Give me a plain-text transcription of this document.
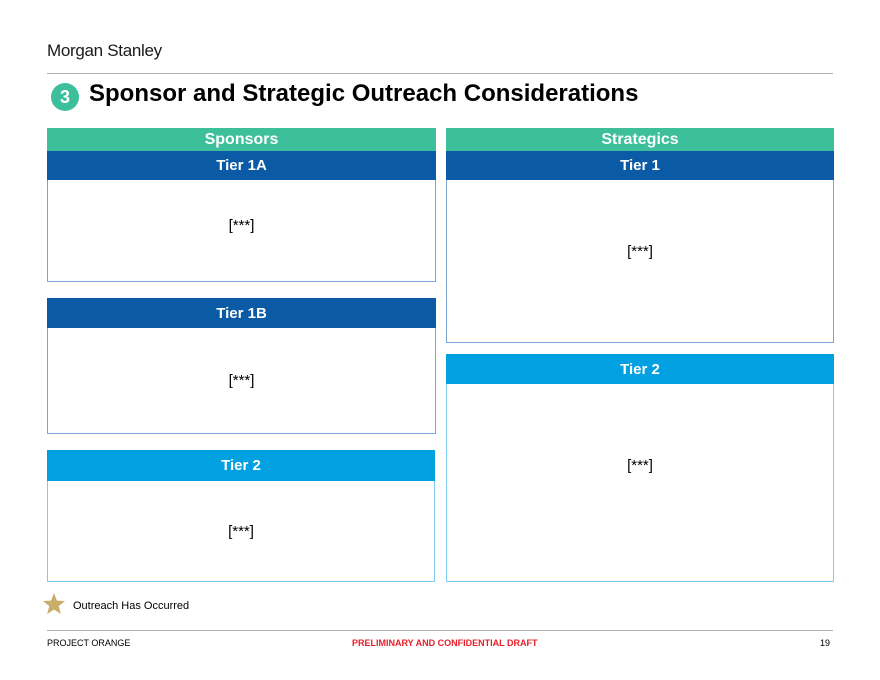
Morgan Stanley
3 Sponsor and Strategic Outreach Considerations
Sponsors
Tier 1A
[***]
Tier 1B
[***]
Tier 2
[***]
Strategics
Tier 1
[***]
Tier 2
[***]
Outreach Has Occurred
PROJECT ORANGE	PRELIMINARY AND CONFIDENTIAL DRAFT	19
